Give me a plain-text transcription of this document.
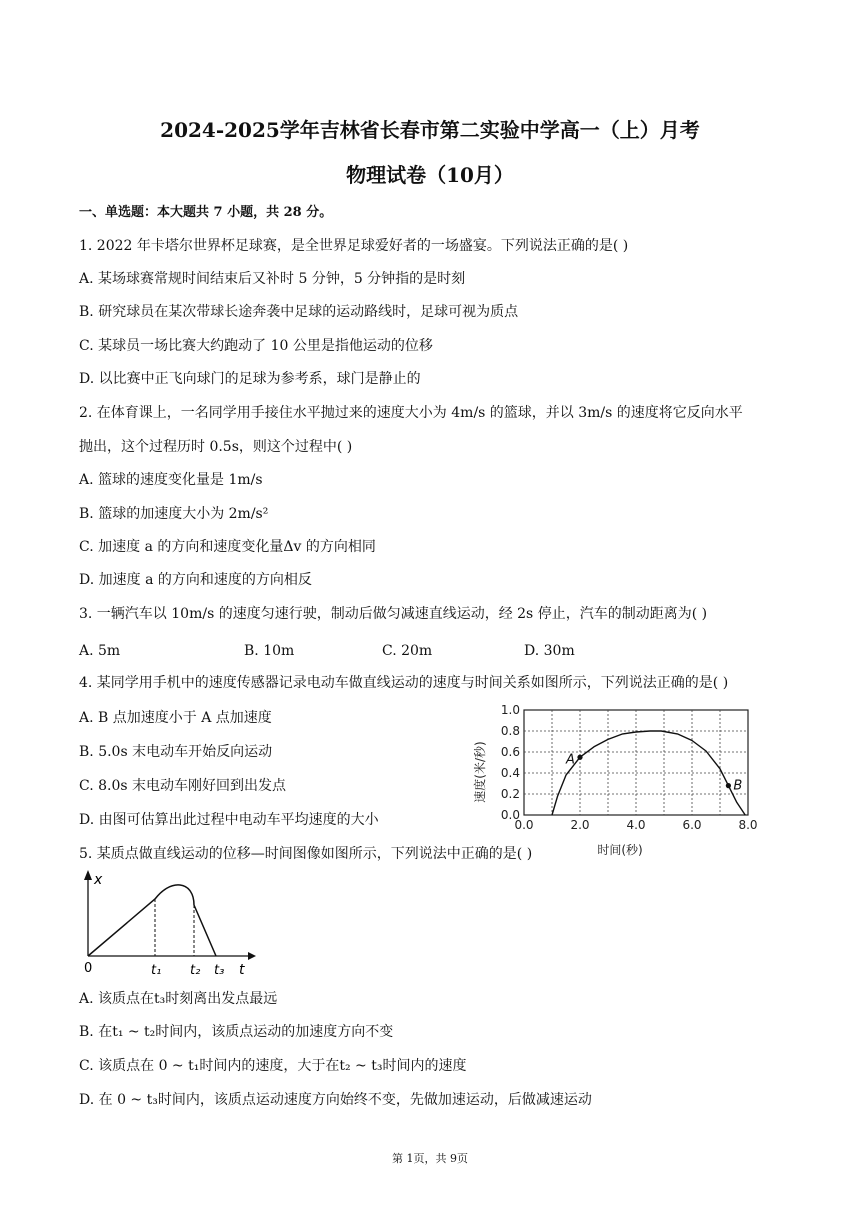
2024-2025学年吉林省长春市第二实验中学高一（上）月考
物理试卷（10月）
一、单选题：本大题共 7 小题，共 28 分。
1. 2022 年卡塔尔世界杯足球赛，是全世界足球爱好者的一场盛宴。下列说法正确的是( )
A. 某场球赛常规时间结束后又补时 5 分钟，5 分钟指的是时刻
B. 研究球员在某次带球长途奔袭中足球的运动路线时，足球可视为质点
C. 某球员一场比赛大约跑动了 10 公里是指他运动的位移
D. 以比赛中正飞向球门的足球为参考系，球门是静止的
2. 在体育课上，一名同学用手接住水平抛过来的速度大小为 4m/s 的篮球，并以 3m/s 的速度将它反向水平
抛出，这个过程历时 0.5s，则这个过程中( )
A. 篮球的速度变化量是 1m/s
B. 篮球的加速度大小为 2m/s²
C. 加速度 a 的方向和速度变化量Δv 的方向相同
D. 加速度 a 的方向和速度的方向相反
3. 一辆汽车以 10m/s 的速度匀速行驶，制动后做匀减速直线运动，经 2s 停止，汽车的制动距离为( )
A. 5m	B. 10m	C. 20m	D. 30m
4. 某同学用手机中的速度传感器记录电动车做直线运动的速度与时间关系如图所示，下列说法正确的是( )
A. B 点加速度小于 A 点加速度
B. 5.0s 末电动车开始反向运动
C. 8.0s 末电动车刚好回到出发点
D. 由图可估算出此过程中电动车平均速度的大小	0.0	2.0	4.0	6.0	8.0
0.0
0.2
0.4
0.6
0.8
1.0
A
B
速度(米/秒)
时间(秒)
5. 某质点做直线运动的位移—时间图像如图所示，下列说法中正确的是( )
x
0	t₁ t₂ t₃ t
A. 该质点在t₃时刻离出发点最远
B. 在t₁ ~ t₂时间内，该质点运动的加速度方向不变
C. 该质点在 0 ~ t₁时间内的速度，大于在t₂ ~ t₃时间内的速度
D. 在 0 ~ t₃时间内，该质点运动速度方向始终不变，先做加速运动，后做减速运动
第 1页，共 9页
